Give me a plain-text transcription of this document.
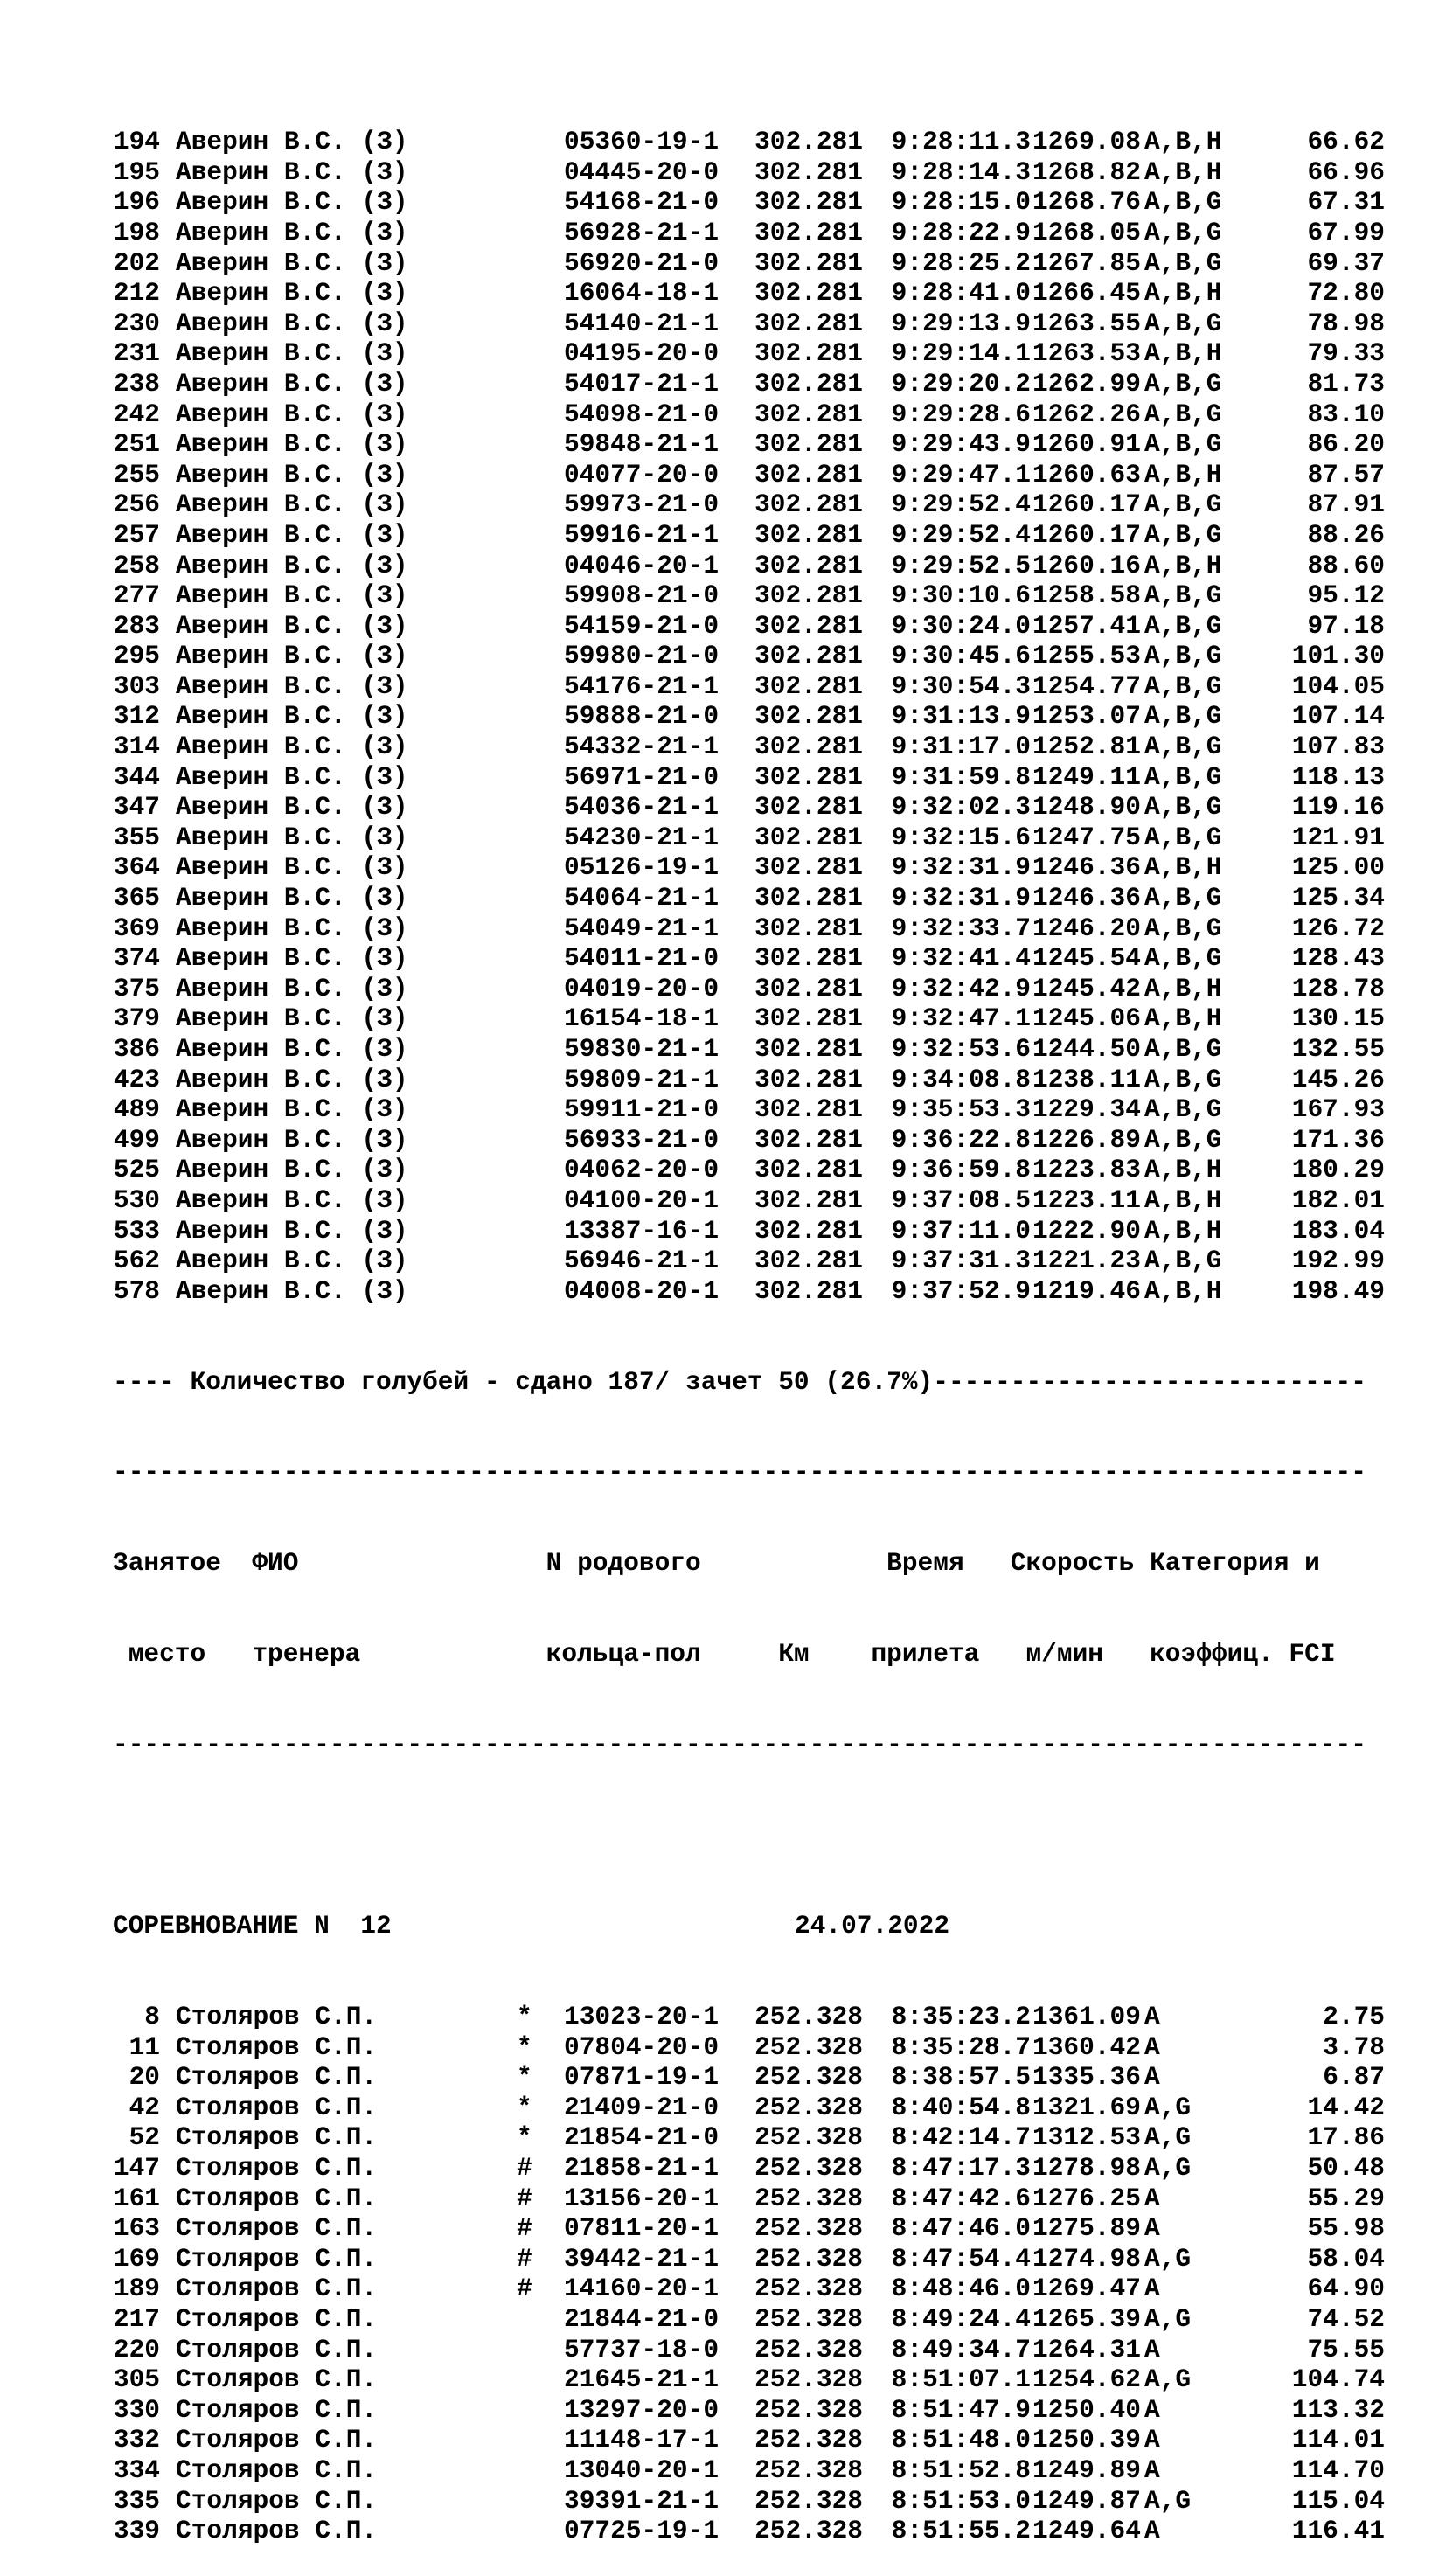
194 Аверин В.С. (З)	05360-19-1 302.281 9:28:11.31269.08 A,B,H	66.62
195 Аверин В.С. (З)	04445-20-0 302.281 9:28:14.31268.82 A,B,H	66.96
196 Аверин В.С. (З)	54168-21-0 302.281 9:28:15.01268.76 A,B,G	67.31
198 Аверин В.С. (З)	56928-21-1 302.281 9:28:22.91268.05 A,B,G	67.99
202 Аверин В.С. (З)	56920-21-0 302.281 9:28:25.21267.85 A,B,G	69.37
212 Аверин В.С. (З)	16064-18-1 302.281 9:28:41.01266.45 A,B,H	72.80
230 Аверин В.С. (З)	54140-21-1 302.281 9:29:13.91263.55 A,B,G	78.98
231 Аверин В.С. (З)	04195-20-0 302.281 9:29:14.11263.53 A,B,H	79.33
238 Аверин В.С. (З)	54017-21-1 302.281 9:29:20.21262.99 A,B,G	81.73
242 Аверин В.С. (З)	54098-21-0 302.281 9:29:28.61262.26 A,B,G	83.10
251 Аверин В.С. (З)	59848-21-1 302.281 9:29:43.91260.91 A,B,G	86.20
255 Аверин В.С. (З)	04077-20-0 302.281 9:29:47.11260.63 A,B,H	87.57
256 Аверин В.С. (З)	59973-21-0 302.281 9:29:52.41260.17 A,B,G	87.91
257 Аверин В.С. (З)	59916-21-1 302.281 9:29:52.41260.17 A,B,G	88.26
258 Аверин В.С. (З)	04046-20-1 302.281 9:29:52.51260.16 A,B,H	88.60
277 Аверин В.С. (З)	59908-21-0 302.281 9:30:10.61258.58 A,B,G	95.12
283 Аверин В.С. (З)	54159-21-0 302.281 9:30:24.01257.41 A,B,G	97.18
295 Аверин В.С. (З)	59980-21-0 302.281 9:30:45.61255.53 A,B,G	101.30
303 Аверин В.С. (З)	54176-21-1 302.281 9:30:54.31254.77 A,B,G	104.05
312 Аверин В.С. (З)	59888-21-0 302.281 9:31:13.91253.07 A,B,G	107.14
314 Аверин В.С. (З)	54332-21-1 302.281 9:31:17.01252.81 A,B,G	107.83
344 Аверин В.С. (З)	56971-21-0 302.281 9:31:59.81249.11 A,B,G	118.13
347 Аверин В.С. (З)	54036-21-1 302.281 9:32:02.31248.90 A,B,G	119.16
355 Аверин В.С. (З)	54230-21-1 302.281 9:32:15.61247.75 A,B,G	121.91
364 Аверин В.С. (З)	05126-19-1 302.281 9:32:31.91246.36 A,B,H	125.00
365 Аверин В.С. (З)	54064-21-1 302.281 9:32:31.91246.36 A,B,G	125.34
369 Аверин В.С. (З)	54049-21-1 302.281 9:32:33.71246.20 A,B,G	126.72
374 Аверин В.С. (З)	54011-21-0 302.281 9:32:41.41245.54 A,B,G	128.43
375 Аверин В.С. (З)	04019-20-0 302.281 9:32:42.91245.42 A,B,H	128.78
379 Аверин В.С. (З)	16154-18-1 302.281 9:32:47.11245.06 A,B,H	130.15
386 Аверин В.С. (З)	59830-21-1 302.281 9:32:53.61244.50 A,B,G	132.55
423 Аверин В.С. (З)	59809-21-1 302.281 9:34:08.81238.11 A,B,G	145.26
489 Аверин В.С. (З)	59911-21-0 302.281 9:35:53.31229.34 A,B,G	167.93
499 Аверин В.С. (З)	56933-21-0 302.281 9:36:22.81226.89 A,B,G	171.36
525 Аверин В.С. (З)	04062-20-0 302.281 9:36:59.81223.83 A,B,H	180.29
530 Аверин В.С. (З)	04100-20-1 302.281 9:37:08.51223.11 A,B,H	182.01
533 Аверин В.С. (З)	13387-16-1 302.281 9:37:11.01222.90 A,B,H	183.04
562 Аверин В.С. (З)	56946-21-1 302.281 9:37:31.31221.23 A,B,G	192.99
578 Аверин В.С. (З)	04008-20-1 302.281 9:37:52.91219.46 A,B,H	198.49

---- Количество голубей - сдано 187/ зачет 50 (26.7%)----------------------------

---------------------------------------------------------------------------------

Занятое  ФИО                N родового            Время   Скорость Категория и

место   тренера            кольца-пол     Км    прилета   м/мин   коэффиц. FCI

---------------------------------------------------------------------------------

СОРЕВНОВАНИЕ N  12	24.07.2022

8 Столяров С.П.	* 13023-20-1 252.328 8:35:23.21361.09 A	2.75
11 Столяров С.П.	* 07804-20-0 252.328 8:35:28.71360.42 A	3.78
20 Столяров С.П.	* 07871-19-1 252.328 8:38:57.51335.36 A	6.87
42 Столяров С.П.	* 21409-21-0 252.328 8:40:54.81321.69 A,G	14.42
52 Столяров С.П.	* 21854-21-0 252.328 8:42:14.71312.53 A,G	17.86
147 Столяров С.П.	# 21858-21-1 252.328 8:47:17.31278.98 A,G	50.48
161 Столяров С.П.	# 13156-20-1 252.328 8:47:42.61276.25 A	55.29
163 Столяров С.П.	# 07811-20-1 252.328 8:47:46.01275.89 A	55.98
169 Столяров С.П.	# 39442-21-1 252.328 8:47:54.41274.98 A,G	58.04
189 Столяров С.П.	# 14160-20-1 252.328 8:48:46.01269.47 A	64.90
217 Столяров С.П.	21844-21-0 252.328 8:49:24.41265.39 A,G	74.52
220 Столяров С.П.	57737-18-0 252.328 8:49:34.71264.31 A	75.55
305 Столяров С.П.	21645-21-1 252.328 8:51:07.11254.62 A,G	104.74
330 Столяров С.П.	13297-20-0 252.328 8:51:47.91250.40 A	113.32
332 Столяров С.П.	11148-17-1 252.328 8:51:48.01250.39 A	114.01
334 Столяров С.П.	13040-20-1 252.328 8:51:52.81249.89 A	114.70
335 Столяров С.П.	39391-21-1 252.328 8:51:53.01249.87 A,G	115.04
339 Столяров С.П.	07725-19-1 252.328 8:51:55.21249.64 A	116.41
